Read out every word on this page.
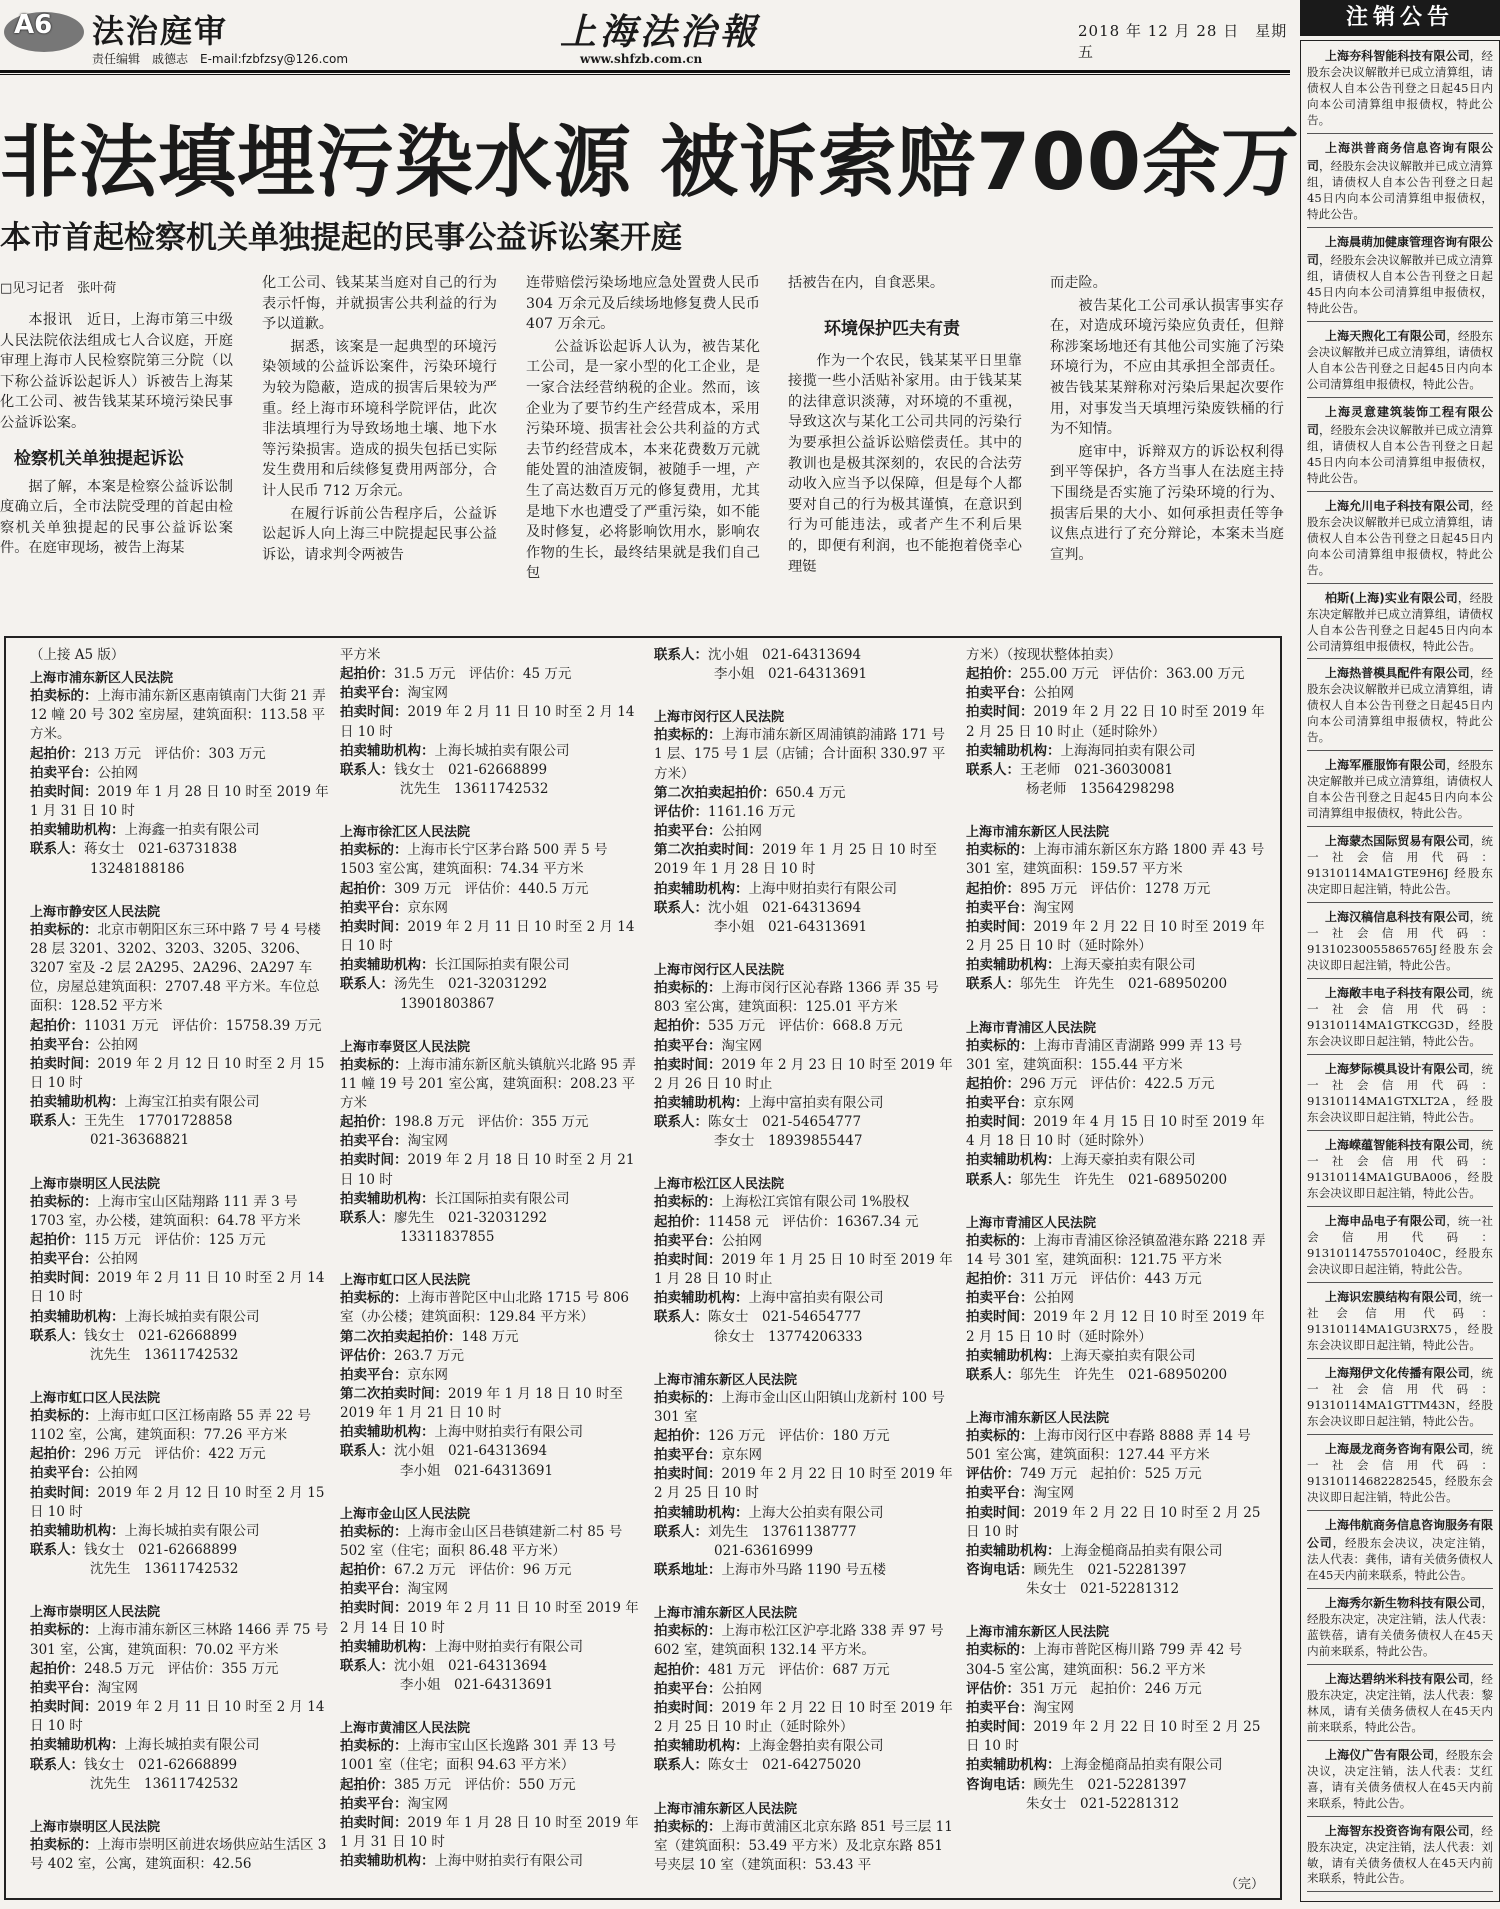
A6 法治庭审
责任编辑　戚德志　E-mail:fzbfzsy@126.com
上海法治報
www.shfzb.com.cn
2018 年 12 月 28 日　星期五
非法填埋污染水源 被诉索赔700余万
本市首起检察机关单独提起的民事公益诉讼案开庭
□见习记者　张叶荷

本报讯　近日，上海市第三中级人民法院依法组成七人合议庭，开庭审理上海市人民检察院第三分院（以下称公益诉讼起诉人）诉被告上海某化工公司、被告钱某某环境污染民事公益诉讼案。

检察机关单独提起诉讼

据了解，本案是检察公益诉讼制度确立后，全市法院受理的首起由检察机关单独提起的民事公益诉讼案件。在庭审现场，被告上海某

化工公司、钱某某当庭对自己的行为表示忏悔，并就损害公共利益的行为予以道歉。

据悉，该案是一起典型的环境污染领域的公益诉讼案件，污染环境行为较为隐蔽，造成的损害后果较为严重。经上海市环境科学院评估，此次非法填埋行为导致场地土壤、地下水等污染损害。造成的损失包括已实际发生费用和后续修复费用两部分，合计人民币 712 万余元。

在履行诉前公告程序后，公益诉讼起诉人向上海三中院提起民事公益诉讼，请求判令两被告

连带赔偿污染场地应急处置费人民币 304 万余元及后续场地修复费人民币 407 万余元。

公益诉讼起诉人认为，被告某化工公司，是一家小型的化工企业，是一家合法经营纳税的企业。然而，该企业为了要节约生产经营成本，采用污染环境、损害社会公共利益的方式去节约经营成本，本来花费数万元就能处置的油渣废铜，被随手一埋，产生了高达数百万元的修复费用，尤其是地下水也遭受了严重污染，如不能及时修复，必将影响饮用水，影响农作物的生长，最终结果就是我们自己包

括被告在内，自食恶果。

环境保护匹夫有责

作为一个农民，钱某某平日里靠接揽一些小活贴补家用。由于钱某某的法律意识淡薄，对环境的不重视，导致这次与某化工公司共同的污染行为要承担公益诉讼赔偿责任。其中的教训也是极其深刻的，农民的合法劳动收入应当予以保障，但是每个人都要对自己的行为极其谨慎，在意识到行为可能违法，或者产生不利后果的，即便有利润，也不能抱着侥幸心理铤

而走险。

被告某化工公司承认损害事实存在，对造成环境污染应负责任，但辩称涉案场地还有其他公司实施了污染环境行为，不应由其承担全部责任。被告钱某某辩称对污染后果起次要作用，对事发当天填埋污染废铁桶的行为不知情。

庭审中，诉辩双方的诉讼权利得到平等保护，各方当事人在法庭主持下围绕是否实施了污染环境的行为、损害后果的大小、如何承担责任等争议焦点进行了充分辩论，本案未当庭宣判。

（上接 A5 版）
上海市浦东新区人民法院
拍卖标的：上海市浦东新区惠南镇南门大街 21 弄 12 幢 20 号 302 室房屋，建筑面积：113.58 平方米。
起拍价：213 万元　评估价：303 万元
拍卖平台：公拍网
拍卖时间：2019 年 1 月 28 日 10 时至 2019 年 1 月 31 日 10 时
拍卖辅助机构：上海鑫一拍卖有限公司
联系人：蒋女士　021-63731838
13248188186
上海市静安区人民法院
拍卖标的：北京市朝阳区东三环中路 7 号 4 号楼 28 层 3201、3202、3203、3205、3206、3207 室及 -2 层 2A295、2A296、2A297 车位，房屋总建筑面积：2707.48 平方米。车位总面积：128.52 平方米
起拍价：11031 万元　评估价：15758.39 万元
拍卖平台：公拍网
拍卖时间：2019 年 2 月 12 日 10 时至 2 月 15 日 10 时
拍卖辅助机构：上海宝江拍卖有限公司
联系人：王先生　17701728858
021-36368821
上海市崇明区人民法院
拍卖标的：上海市宝山区陆翔路 111 弄 3 号 1703 室，办公楼，建筑面积：64.78 平方米
起拍价：115 万元　评估价：125 万元
拍卖平台：公拍网
拍卖时间：2019 年 2 月 11 日 10 时至 2 月 14 日 10 时
拍卖辅助机构：上海长城拍卖有限公司
联系人：钱女士　021-62668899
沈先生　13611742532
上海市虹口区人民法院
拍卖标的：上海市虹口区江杨南路 55 弄 22 号 1102 室，公寓，建筑面积：77.26 平方米
起拍价：296 万元　评估价：422 万元
拍卖平台：公拍网
拍卖时间：2019 年 2 月 12 日 10 时至 2 月 15 日 10 时
拍卖辅助机构：上海长城拍卖有限公司
联系人：钱女士　021-62668899
沈先生　13611742532
上海市崇明区人民法院
拍卖标的：上海市浦东新区三林路 1466 弄 75 号 301 室，公寓，建筑面积：70.02 平方米
起拍价：248.5 万元　评估价：355 万元
拍卖平台：淘宝网
拍卖时间：2019 年 2 月 11 日 10 时至 2 月 14 日 10 时
拍卖辅助机构：上海长城拍卖有限公司
联系人：钱女士　021-62668899
沈先生　13611742532
上海市崇明区人民法院
拍卖标的：上海市崇明区前进农场供应站生活区 3 号 402 室，公寓，建筑面积：42.56
平方米
起拍价：31.5 万元　评估价：45 万元
拍卖平台：淘宝网
拍卖时间：2019 年 2 月 11 日 10 时至 2 月 14 日 10 时
拍卖辅助机构：上海长城拍卖有限公司
联系人：钱女士　021-62668899
沈先生　13611742532
上海市徐汇区人民法院
拍卖标的：上海市长宁区茅台路 500 弄 5 号 1503 室公寓，建筑面积：74.34 平方米
起拍价：309 万元　评估价：440.5 万元
拍卖平台：京东网
拍卖时间：2019 年 2 月 11 日 10 时至 2 月 14 日 10 时
拍卖辅助机构：长江国际拍卖有限公司
联系人：汤先生　021-32031292
13901803867
上海市奉贤区人民法院
拍卖标的：上海市浦东新区航头镇航兴北路 95 弄 11 幢 19 号 201 室公寓，建筑面积：208.23 平方米
起拍价：198.8 万元　评估价：355 万元
拍卖平台：淘宝网
拍卖时间：2019 年 2 月 18 日 10 时至 2 月 21 日 10 时
拍卖辅助机构：长江国际拍卖有限公司
联系人：廖先生　021-32031292
13311837855
上海市虹口区人民法院
拍卖标的：上海市普陀区中山北路 1715 号 806 室（办公楼；建筑面积：129.84 平方米）
第二次拍卖起拍价：148 万元
评估价：263.7 万元
拍卖平台：京东网
第二次拍卖时间：2019 年 1 月 18 日 10 时至 2019 年 1 月 21 日 10 时
拍卖辅助机构：上海中财拍卖行有限公司
联系人：沈小姐　021-64313694
李小姐　021-64313691
上海市金山区人民法院
拍卖标的：上海市金山区吕巷镇建新二村 85 号 502 室（住宅；面积 86.48 平方米）
起拍价：67.2 万元　评估价：96 万元
拍卖平台：淘宝网
拍卖时间：2019 年 2 月 11 日 10 时至 2019 年 2 月 14 日 10 时
拍卖辅助机构：上海中财拍卖行有限公司
联系人：沈小姐　021-64313694
李小姐　021-64313691
上海市黄浦区人民法院
拍卖标的：上海市宝山区长逸路 301 弄 13 号 1001 室（住宅；面积 94.63 平方米）
起拍价：385 万元　评估价：550 万元
拍卖平台：淘宝网
拍卖时间：2019 年 1 月 28 日 10 时至 2019 年 1 月 31 日 10 时
拍卖辅助机构：上海中财拍卖行有限公司
联系人：沈小姐　021-64313694
李小姐　021-64313691
上海市闵行区人民法院
拍卖标的：上海市浦东新区周浦镇韵浦路 171 号 1 层、175 号 1 层（店铺；合计面积 330.97 平方米）
第二次拍卖起拍价：650.4 万元
评估价：1161.16 万元
拍卖平台：公拍网
第二次拍卖时间：2019 年 1 月 25 日 10 时至 2019 年 1 月 28 日 10 时
拍卖辅助机构：上海中财拍卖行有限公司
联系人：沈小姐　021-64313694
李小姐　021-64313691
上海市闵行区人民法院
拍卖标的：上海市闵行区沁春路 1366 弄 35 号 803 室公寓，建筑面积：125.01 平方米
起拍价：535 万元　评估价：668.8 万元
拍卖平台：淘宝网
拍卖时间：2019 年 2 月 23 日 10 时至 2019 年 2 月 26 日 10 时止
拍卖辅助机构：上海中富拍卖有限公司
联系人：陈女士　021-54654777
李女士　18939855447
上海市松江区人民法院
拍卖标的：上海松江宾馆有限公司 1%股权
起拍价：11458 元　评估价：16367.34 元
拍卖平台：公拍网
拍卖时间：2019 年 1 月 25 日 10 时至 2019 年 1 月 28 日 10 时止
拍卖辅助机构：上海中富拍卖有限公司
联系人：陈女士　021-54654777
徐女士　13774206333
上海市浦东新区人民法院
拍卖标的：上海市金山区山阳镇山龙新村 100 号 301 室
起拍价：126 万元　评估价：180 万元
拍卖平台：京东网
拍卖时间：2019 年 2 月 22 日 10 时至 2019 年 2 月 25 日 10 时
拍卖辅助机构：上海大公拍卖有限公司
联系人：刘先生　13761138777
021-63616999
联系地址：上海市外马路 1190 号五楼
上海市浦东新区人民法院
拍卖标的：上海市松江区沪亭北路 338 弄 97 号 602 室，建筑面积 132.14 平方米。
起拍价：481 万元　评估价：687 万元
拍卖平台：公拍网
拍卖时间：2019 年 2 月 22 日 10 时至 2019 年 2 月 25 日 10 时止（延时除外）
拍卖辅助机构：上海金磐拍卖有限公司
联系人：陈女士　021-64275020
上海市浦东新区人民法院
拍卖标的：上海市黄浦区北京东路 851 号三层 11 室（建筑面积：53.49 平方米）及北京东路 851 号夹层 10 室（建筑面积：53.43 平
方米）（按现状整体拍卖）
起拍价：255.00 万元　评估价：363.00 万元
拍卖平台：公拍网
拍卖时间：2019 年 2 月 22 日 10 时至 2019 年 2 月 25 日 10 时止（延时除外）
拍卖辅助机构：上海海同拍卖有限公司
联系人：王老师　021-36030081
杨老师　13564298298
上海市浦东新区人民法院
拍卖标的：上海市浦东新区东方路 1800 弄 43 号 301 室，建筑面积：159.57 平方米
起拍价：895 万元　评估价：1278 万元
拍卖平台：淘宝网
拍卖时间：2019 年 2 月 22 日 10 时至 2019 年 2 月 25 日 10 时（延时除外）
拍卖辅助机构：上海天豪拍卖有限公司
联系人：邬先生　许先生　021-68950200
上海市青浦区人民法院
拍卖标的：上海市青浦区青湖路 999 弄 13 号 301 室，建筑面积：155.44 平方米
起拍价：296 万元　评估价：422.5 万元
拍卖平台：京东网
拍卖时间：2019 年 4 月 15 日 10 时至 2019 年 4 月 18 日 10 时（延时除外）
拍卖辅助机构：上海天豪拍卖有限公司
联系人：邬先生　许先生　021-68950200
上海市青浦区人民法院
拍卖标的：上海市青浦区徐泾镇盈港东路 2218 弄 14 号 301 室，建筑面积：121.75 平方米
起拍价：311 万元　评估价：443 万元
拍卖平台：公拍网
拍卖时间：2019 年 2 月 12 日 10 时至 2019 年 2 月 15 日 10 时（延时除外）
拍卖辅助机构：上海天豪拍卖有限公司
联系人：邬先生　许先生　021-68950200
上海市浦东新区人民法院
拍卖标的：上海市闵行区中春路 8888 弄 14 号 501 室公寓，建筑面积：127.44 平方米
评估价：749 万元　起拍价：525 万元
拍卖平台：淘宝网
拍卖时间：2019 年 2 月 22 日 10 时至 2 月 25 日 10 时
拍卖辅助机构：上海金槌商品拍卖有限公司
咨询电话：顾先生　021-52281397
朱女士　021-52281312
上海市浦东新区人民法院
拍卖标的：上海市普陀区梅川路 799 弄 42 号 304-5 室公寓，建筑面积：56.2 平方米
评估价：351 万元　起拍价：246 万元
拍卖平台：淘宝网
拍卖时间：2019 年 2 月 22 日 10 时至 2 月 25 日 10 时
拍卖辅助机构：上海金槌商品拍卖有限公司
咨询电话：顾先生　021-52281397
朱女士　021-52281312
（完）
注销公告
上海夯科智能科技有限公司，经股东会决议解散并已成立清算组，请债权人自本公告刊登之日起45日内向本公司清算组申报债权，特此公告。
上海洪普商务信息咨询有限公司，经股东会决议解散并已成立清算组，请债权人自本公告刊登之日起45日内向本公司清算组申报债权，特此公告。
上海晨萌加健康管理咨询有限公司，经股东会决议解散并已成立清算组，请债权人自本公告刊登之日起45日内向本公司清算组申报债权，特此公告。
上海天煦化工有限公司，经股东会决议解散并已成立清算组，请债权人自本公告刊登之日起45日内向本公司清算组申报债权，特此公告。
上海灵意建筑装饰工程有限公司，经股东会决议解散并已成立清算组，请债权人自本公告刊登之日起45日内向本公司清算组申报债权，特此公告。
上海允川电子科技有限公司，经股东会决议解散并已成立清算组，请债权人自本公告刊登之日起45日内向本公司清算组申报债权，特此公告。
柏斯(上海)实业有限公司，经股东决定解散并已成立清算组，请债权人自本公告刊登之日起45日内向本公司清算组申报债权，特此公告。
上海热普模具配件有限公司，经股东会决议解散并已成立清算组，请债权人自本公告刊登之日起45日内向本公司清算组申报债权，特此公告。
上海军雁服饰有限公司，经股东决定解散并已成立清算组，请债权人自本公告刊登之日起45日内向本公司清算组申报债权，特此公告。
上海蒙杰国际贸易有限公司，统一社会信用代码：91310114MA1GTE9H6J 经股东决定即日起注销，特此公告。
上海汉稿信息科技有限公司，统一社会信用代码：91310230055865765J经股东会决议即日起注销，特此公告。
上海敞丰电子科技有限公司，统一社会信用代码：91310114MA1GTKCG3D，经股东会决议即日起注销，特此公告。
上海梦际模具设计有限公司，统一社会信用代码：91310114MA1GTXLT2A，经股东会决议即日起注销，特此公告。
上海嵘蕴智能科技有限公司，统一社会信用代码：91310114MA1GUBA006，经股东会决议即日起注销，特此公告。
上海申品电子有限公司，统一社会信用代码：91310114755701040C，经股东会决议即日起注销，特此公告。
上海识宏膜结构有限公司，统一社会信用代码：91310114MA1GU3RX75，经股东会决议即日起注销，特此公告。
上海翔伊文化传播有限公司，统一社会信用代码：91310114MA1GTTM43N，经股东会决议即日起注销，特此公告。
上海晟龙商务咨询有限公司，统一社会信用代码：91310114682282545，经股东会决议即日起注销，特此公告。
上海伟航商务信息咨询服务有限公司，经股东会决议，决定注销，法人代表：龚伟，请有关债务债权人在45天内前来联系，特此公告。
上海秀尔新生物科技有限公司，经股东决定，决定注销，法人代表：蓝铁蓓，请有关债务债权人在45天内前来联系，特此公告。
上海达碧纳米科技有限公司，经股东决定，决定注销，法人代表：黎林凤，请有关债务债权人在45天内前来联系，特此公告。
上海仪广告有限公司，经股东会决议，决定注销，法人代表：艾红喜，请有关债务债权人在45天内前来联系，特此公告。
上海智东投资咨询有限公司，经股东决定，决定注销，法人代表：刘敏，请有关债务债权人在45天内前来联系，特此公告。
